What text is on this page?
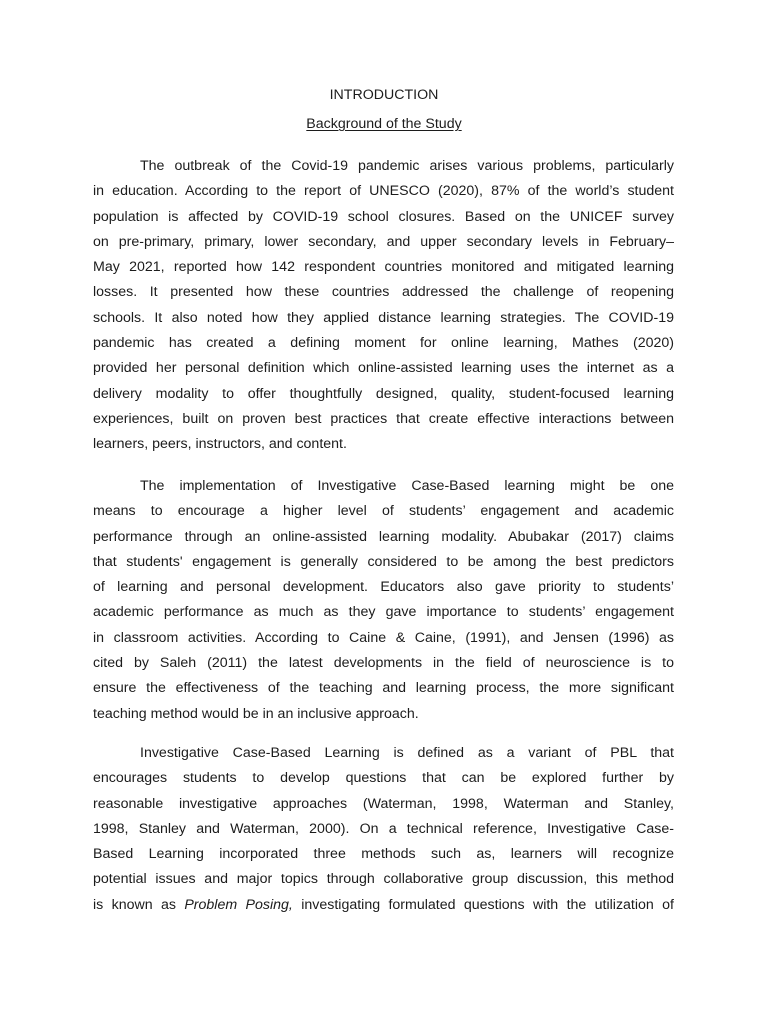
INTRODUCTION
Background of the Study
The outbreak of the Covid-19 pandemic arises various problems, particularly
in education. According to the report of UNESCO (2020), 87% of the world’s student
population is affected by COVID-19 school closures. Based on the UNICEF survey
on pre-primary, primary, lower secondary, and upper secondary levels in February–
May 2021, reported how 142 respondent countries monitored and mitigated learning
losses. It presented how these countries addressed the challenge of reopening
schools. It also noted how they applied distance learning strategies. The COVID-19
pandemic has created a defining moment for online learning, Mathes (2020)
provided her personal definition which online-assisted learning uses the internet as a
delivery modality to offer thoughtfully designed, quality, student-focused learning
experiences, built on proven best practices that create effective interactions between
learners, peers, instructors, and content.
The implementation of Investigative Case-Based learning might be one
means to encourage a higher level of students’ engagement and academic
performance through an online-assisted learning modality. Abubakar (2017) claims
that students' engagement is generally considered to be among the best predictors
of learning and personal development. Educators also gave priority to students’
academic performance as much as they gave importance to students’ engagement
in classroom activities. According to Caine & Caine, (1991), and Jensen (1996) as
cited by Saleh (2011) the latest developments in the field of neuroscience is to
ensure the effectiveness of the teaching and learning process, the more significant
teaching method would be in an inclusive approach.
Investigative Case-Based Learning is defined as a variant of PBL that
encourages students to develop questions that can be explored further by
reasonable investigative approaches (Waterman, 1998, Waterman and Stanley,
1998, Stanley and Waterman, 2000). On a technical reference, Investigative Case-
Based Learning incorporated three methods such as, learners will recognize
potential issues and major topics through collaborative group discussion, this method
is known as Problem Posing, investigating formulated questions with the utilization of
